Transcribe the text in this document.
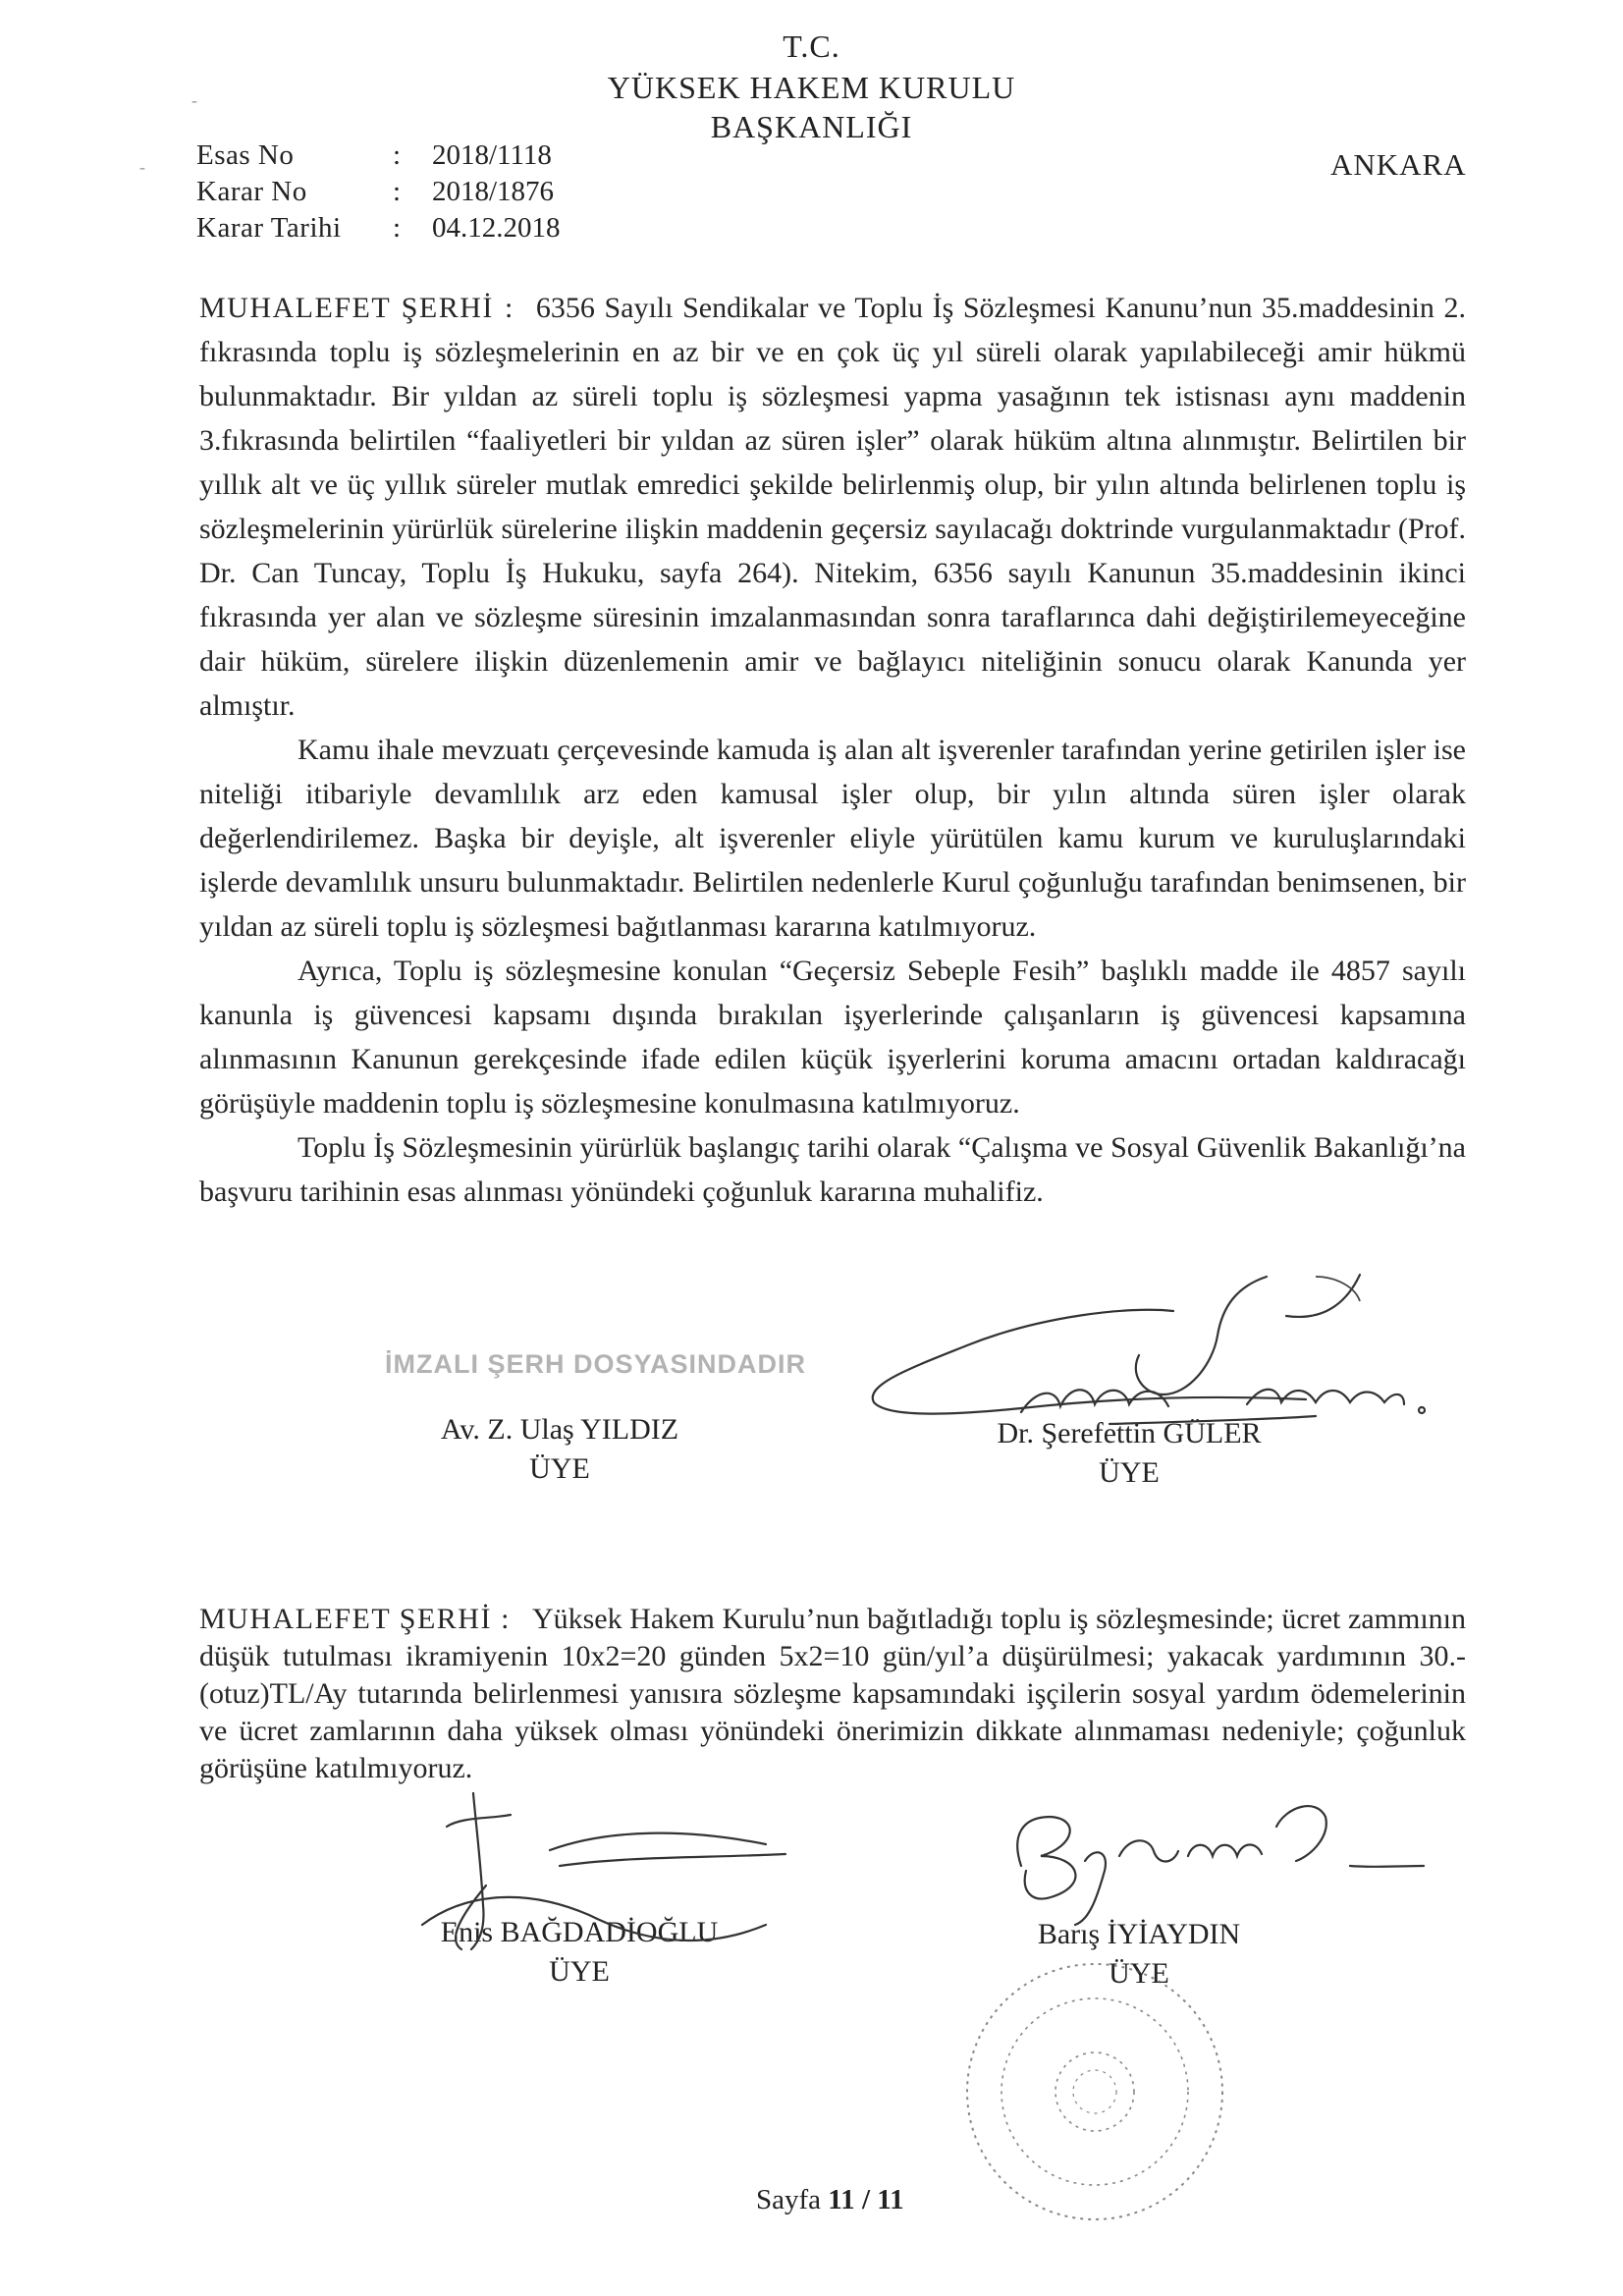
T.C.
YÜKSEK HAKEM KURULU
BAŞKANLIĞI
-
- Esas No	:	2018/1118
Karar No	:	2018/1876
Karar Tarihi	:	04.12.2018
ANKARA

MUHALEFET ŞERHİ : 6356 Sayılı Sendikalar ve Toplu İş Sözleşmesi Kanunu’nun 35.maddesinin 2. fıkrasında toplu iş sözleşmelerinin en az bir ve en çok üç yıl süreli olarak yapılabileceği amir hükmü bulunmaktadır. Bir yıldan az süreli toplu iş sözleşmesi yapma yasağının tek istisnası aynı maddenin 3.fıkrasında belirtilen “faaliyetleri bir yıldan az süren işler” olarak hüküm altına alınmıştır. Belirtilen bir yıllık alt ve üç yıllık süreler mutlak emredici şekilde belirlenmiş olup, bir yılın altında belirlenen toplu iş sözleşmelerinin yürürlük sürelerine ilişkin maddenin geçersiz sayılacağı doktrinde vurgulanmaktadır (Prof. Dr. Can Tuncay, Toplu İş Hukuku, sayfa 264). Nitekim, 6356 sayılı Kanunun 35.maddesinin ikinci fıkrasında yer alan ve sözleşme süresinin imzalanmasından sonra taraflarınca dahi değiştirilemeyeceğine dair hüküm, sürelere ilişkin düzenlemenin amir ve bağlayıcı niteliğinin sonucu olarak Kanunda yer almıştır.

Kamu ihale mevzuatı çerçevesinde kamuda iş alan alt işverenler tarafından yerine getirilen işler ise niteliği itibariyle devamlılık arz eden kamusal işler olup, bir yılın altında süren işler olarak değerlendirilemez. Başka bir deyişle, alt işverenler eliyle yürütülen kamu kurum ve kuruluşlarındaki işlerde devamlılık unsuru bulunmaktadır. Belirtilen nedenlerle Kurul çoğunluğu tarafından benimsenen, bir yıldan az süreli toplu iş sözleşmesi bağıtlanması kararına katılmıyoruz.

Ayrıca, Toplu iş sözleşmesine konulan “Geçersiz Sebeple Fesih” başlıklı madde ile 4857 sayılı kanunla iş güvencesi kapsamı dışında bırakılan işyerlerinde çalışanların iş güvencesi kapsamına alınmasının Kanunun gerekçesinde ifade edilen küçük işyerlerini koruma amacını ortadan kaldıracağı görüşüyle maddenin toplu iş sözleşmesine konulmasına katılmıyoruz.

Toplu İş Sözleşmesinin yürürlük başlangıç tarihi olarak “Çalışma ve Sosyal Güvenlik Bakanlığı’na başvuru tarihinin esas alınması yönündeki çoğunluk kararına muhalifiz.

İMZALI ŞERH DOSYASINDADIR
Av. Z. Ulaş YILDIZ
ÜYE
Dr. Şerefettin GÜLER
ÜYE

MUHALEFET ŞERHİ : Yüksek Hakem Kurulu’nun bağıtladığı toplu iş sözleşmesinde; ücret zammının düşük tutulması ikramiyenin 10x2=20 günden 5x2=10 gün/yıl’a düşürülmesi; yakacak yardımının 30.-(otuz)TL/Ay tutarında belirlenmesi yanısıra sözleşme kapsamındaki işçilerin sosyal yardım ödemelerinin ve ücret zamlarının daha yüksek olması yönündeki önerimizin dikkate alınmaması nedeniyle; çoğunluk görüşüne katılmıyoruz.

Enis BAĞDADİOĞLU
ÜYE
Barış İYİAYDIN
ÜYE
Sayfa 11 / 11
